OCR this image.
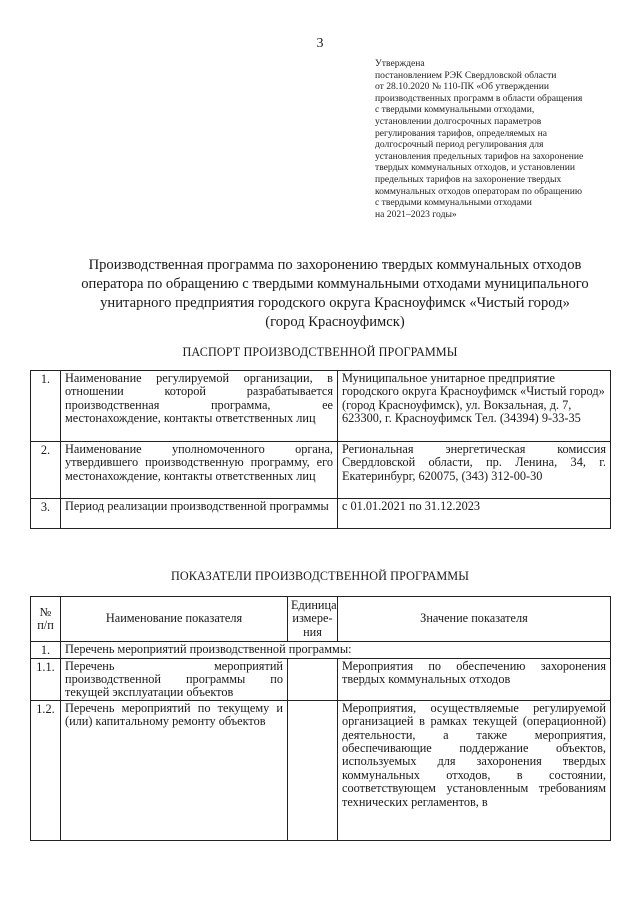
3
Утверждена
постановлением РЭК Свердловской области
от 28.10.2020 № 110-ПК «Об утверждении
производственных программ в области обращения
с твердыми коммунальными отходами,
установлении долгосрочных параметров
регулирования тарифов, определяемых на
долгосрочный период регулирования для
установления предельных тарифов на захоронение
твердых коммунальных отходов, и установлении
предельных тарифов на захоронение твердых
коммунальных отходов операторам по обращению
с твердыми коммунальными отходами
на 2021–2023 годы»
Производственная программа по захоронению твердых коммунальных отходов
оператора по обращению с твердыми коммунальными отходами муниципального
унитарного предприятия городского округа Красноуфимск «Чистый город»
(город Красноуфимск)
ПАСПОРТ ПРОИЗВОДСТВЕННОЙ ПРОГРАММЫ
1.	Наименование регулируемой организации, в отношении которой разрабатывается производственная программа, ее местонахождение, контакты ответственных лиц	Муниципальное унитарное предприятие городского округа Красноуфимск «Чистый город» (город Красноуфимск), ул. Вокзальная, д. 7, 623300, г. Красноуфимск Тел. (34394) 9-33-35
2.	Наименование уполномоченного органа, утвердившего производственную программу, его местонахождение, контакты ответственных лиц	Региональная энергетическая комиссия Свердловской области, пр. Ленина, 34, г. Екатеринбург, 620075, (343) 312-00-30
3.	Период реализации производственной программы	с 01.01.2021 по 31.12.2023
ПОКАЗАТЕЛИ ПРОИЗВОДСТВЕННОЙ ПРОГРАММЫ
№ п/п	Наименование показателя	Единица измере-ния	Значение показателя
1.	Перечень мероприятий производственной программы:		
1.1.	Перечень мероприятий производственной программы по текущей эксплуатации объектов		Мероприятия по обеспечению захоронения твердых коммунальных отходов
1.2.	Перечень мероприятий по текущему и (или) капитальному ремонту объектов		Мероприятия, осуществляемые регулируемой организацией в рамках текущей (операционной) деятельности, а также мероприятия, обеспечивающие поддержание объектов, используемых для захоронения твердых коммунальных отходов, в состоянии, соответствующем установленным требованиям технических регламентов, в
